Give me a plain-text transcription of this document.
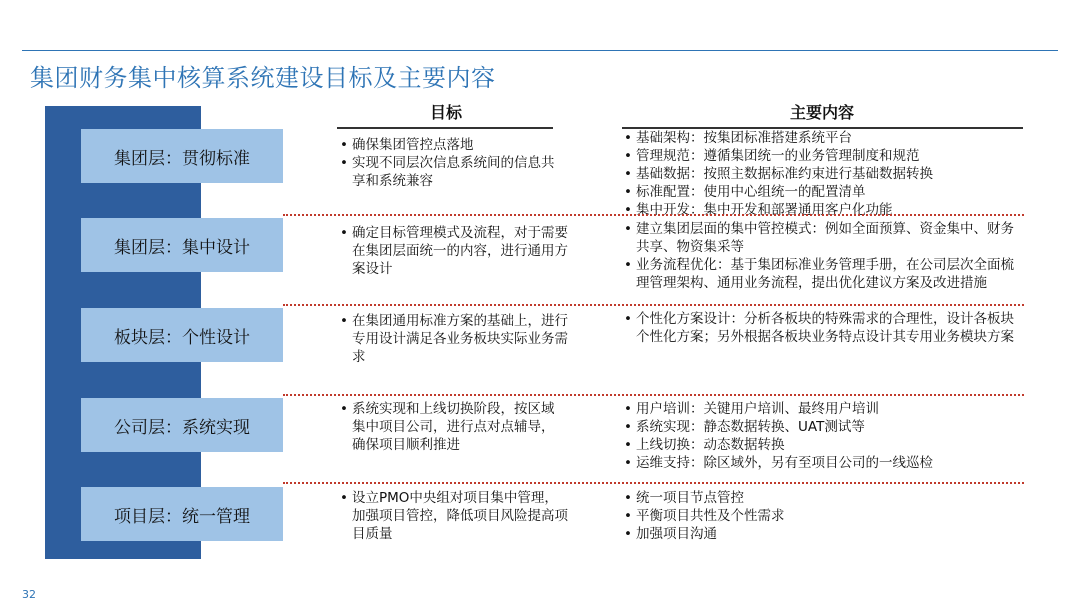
集团财务集中核算系统建设目标及主要内容
目标	主要内容
集团层：贯彻标准
• 确保集团管控点落地
• 实现不同层次信息系统间的信息共享和系统兼容
• 基础架构：按集团标准搭建系统平台
• 管理规范：遵循集团统一的业务管理制度和规范
• 基础数据：按照主数据标准约束进行基础数据转换
• 标准配置：使用中心组统一的配置清单
• 集中开发：集中开发和部署通用客户化功能
集团层：集中设计
• 确定目标管理模式及流程，对于需要在集团层面统一的内容，进行通用方案设计
• 建立集团层面的集中管控模式：例如全面预算、资金集中、财务共享、物资集采等
• 业务流程优化：基于集团标准业务管理手册，在公司层次全面梳理管理架构、通用业务流程，提出优化建议方案及改进措施
板块层：个性设计
• 在集团通用标准方案的基础上，进行专用设计满足各业务板块实际业务需求
• 个性化方案设计：分析各板块的特殊需求的合理性，设计各板块个性化方案；另外根据各板块业务特点设计其专用业务模块方案
公司层：系统实现
• 系统实现和上线切换阶段，按区域集中项目公司，进行点对点辅导，确保项目顺利推进
• 用户培训：关键用户培训、最终用户培训
• 系统实现：静态数据转换、UAT测试等
• 上线切换：动态数据转换
• 运维支持：除区域外，另有至项目公司的一线巡检
项目层：统一管理
• 设立PMO中央组对项目集中管理，加强项目管控，降低项目风险提高项目质量
• 统一项目节点管控
• 平衡项目共性及个性需求
• 加强项目沟通
32
